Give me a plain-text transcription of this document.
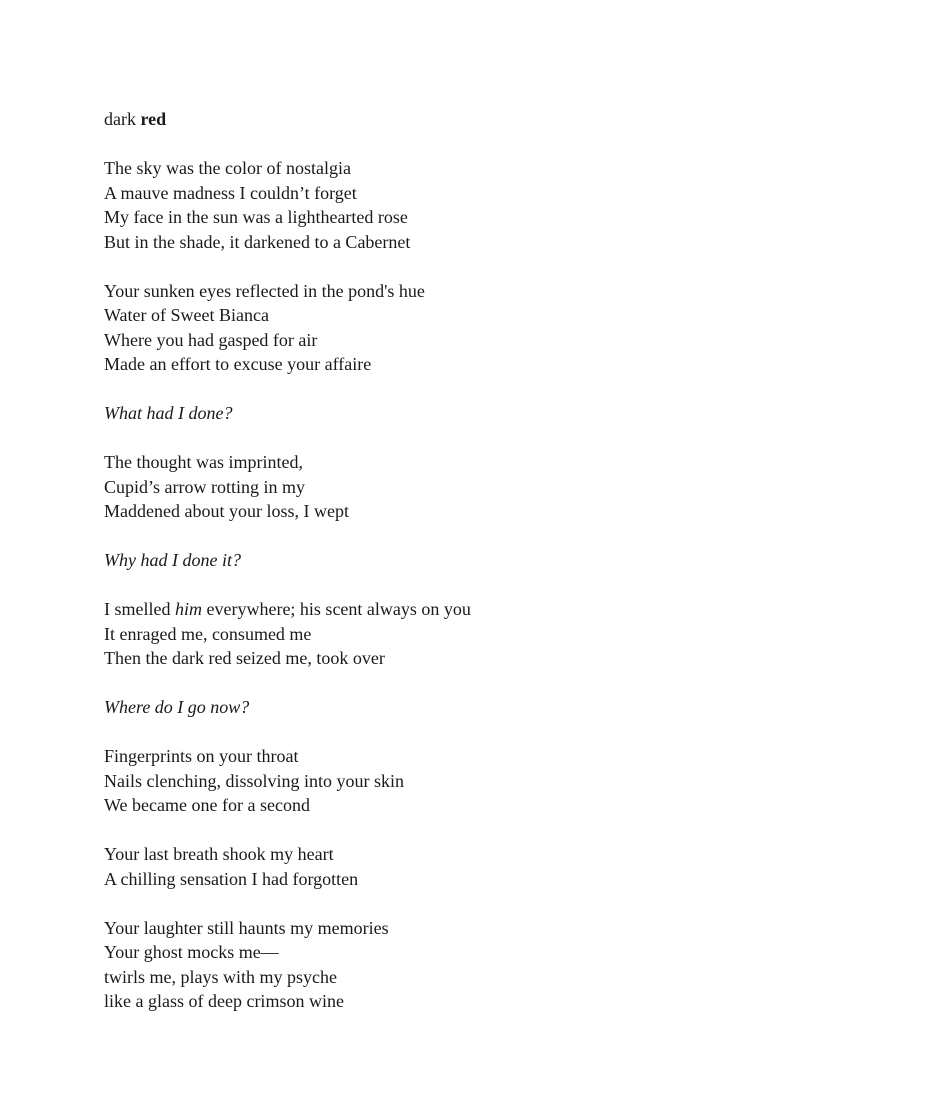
dark red
The sky was the color of nostalgia
A mauve madness I couldn’t forget
My face in the sun was a lighthearted rose
But in the shade, it darkened to a Cabernet
Your sunken eyes reflected in the pond's hue
Water of Sweet Bianca
Where you had gasped for air
Made an effort to excuse your affaire
What had I done?
The thought was imprinted,
Cupid’s arrow rotting in my
Maddened about your loss, I wept
Why had I done it?
I smelled him everywhere; his scent always on you
It enraged me, consumed me
Then the dark red seized me, took over
Where do I go now?
Fingerprints on your throat
Nails clenching, dissolving into your skin
We became one for a second
Your last breath shook my heart
A chilling sensation I had forgotten
Your laughter still haunts my memories
Your ghost mocks me—
twirls me, plays with my psyche
like a glass of deep crimson wine
